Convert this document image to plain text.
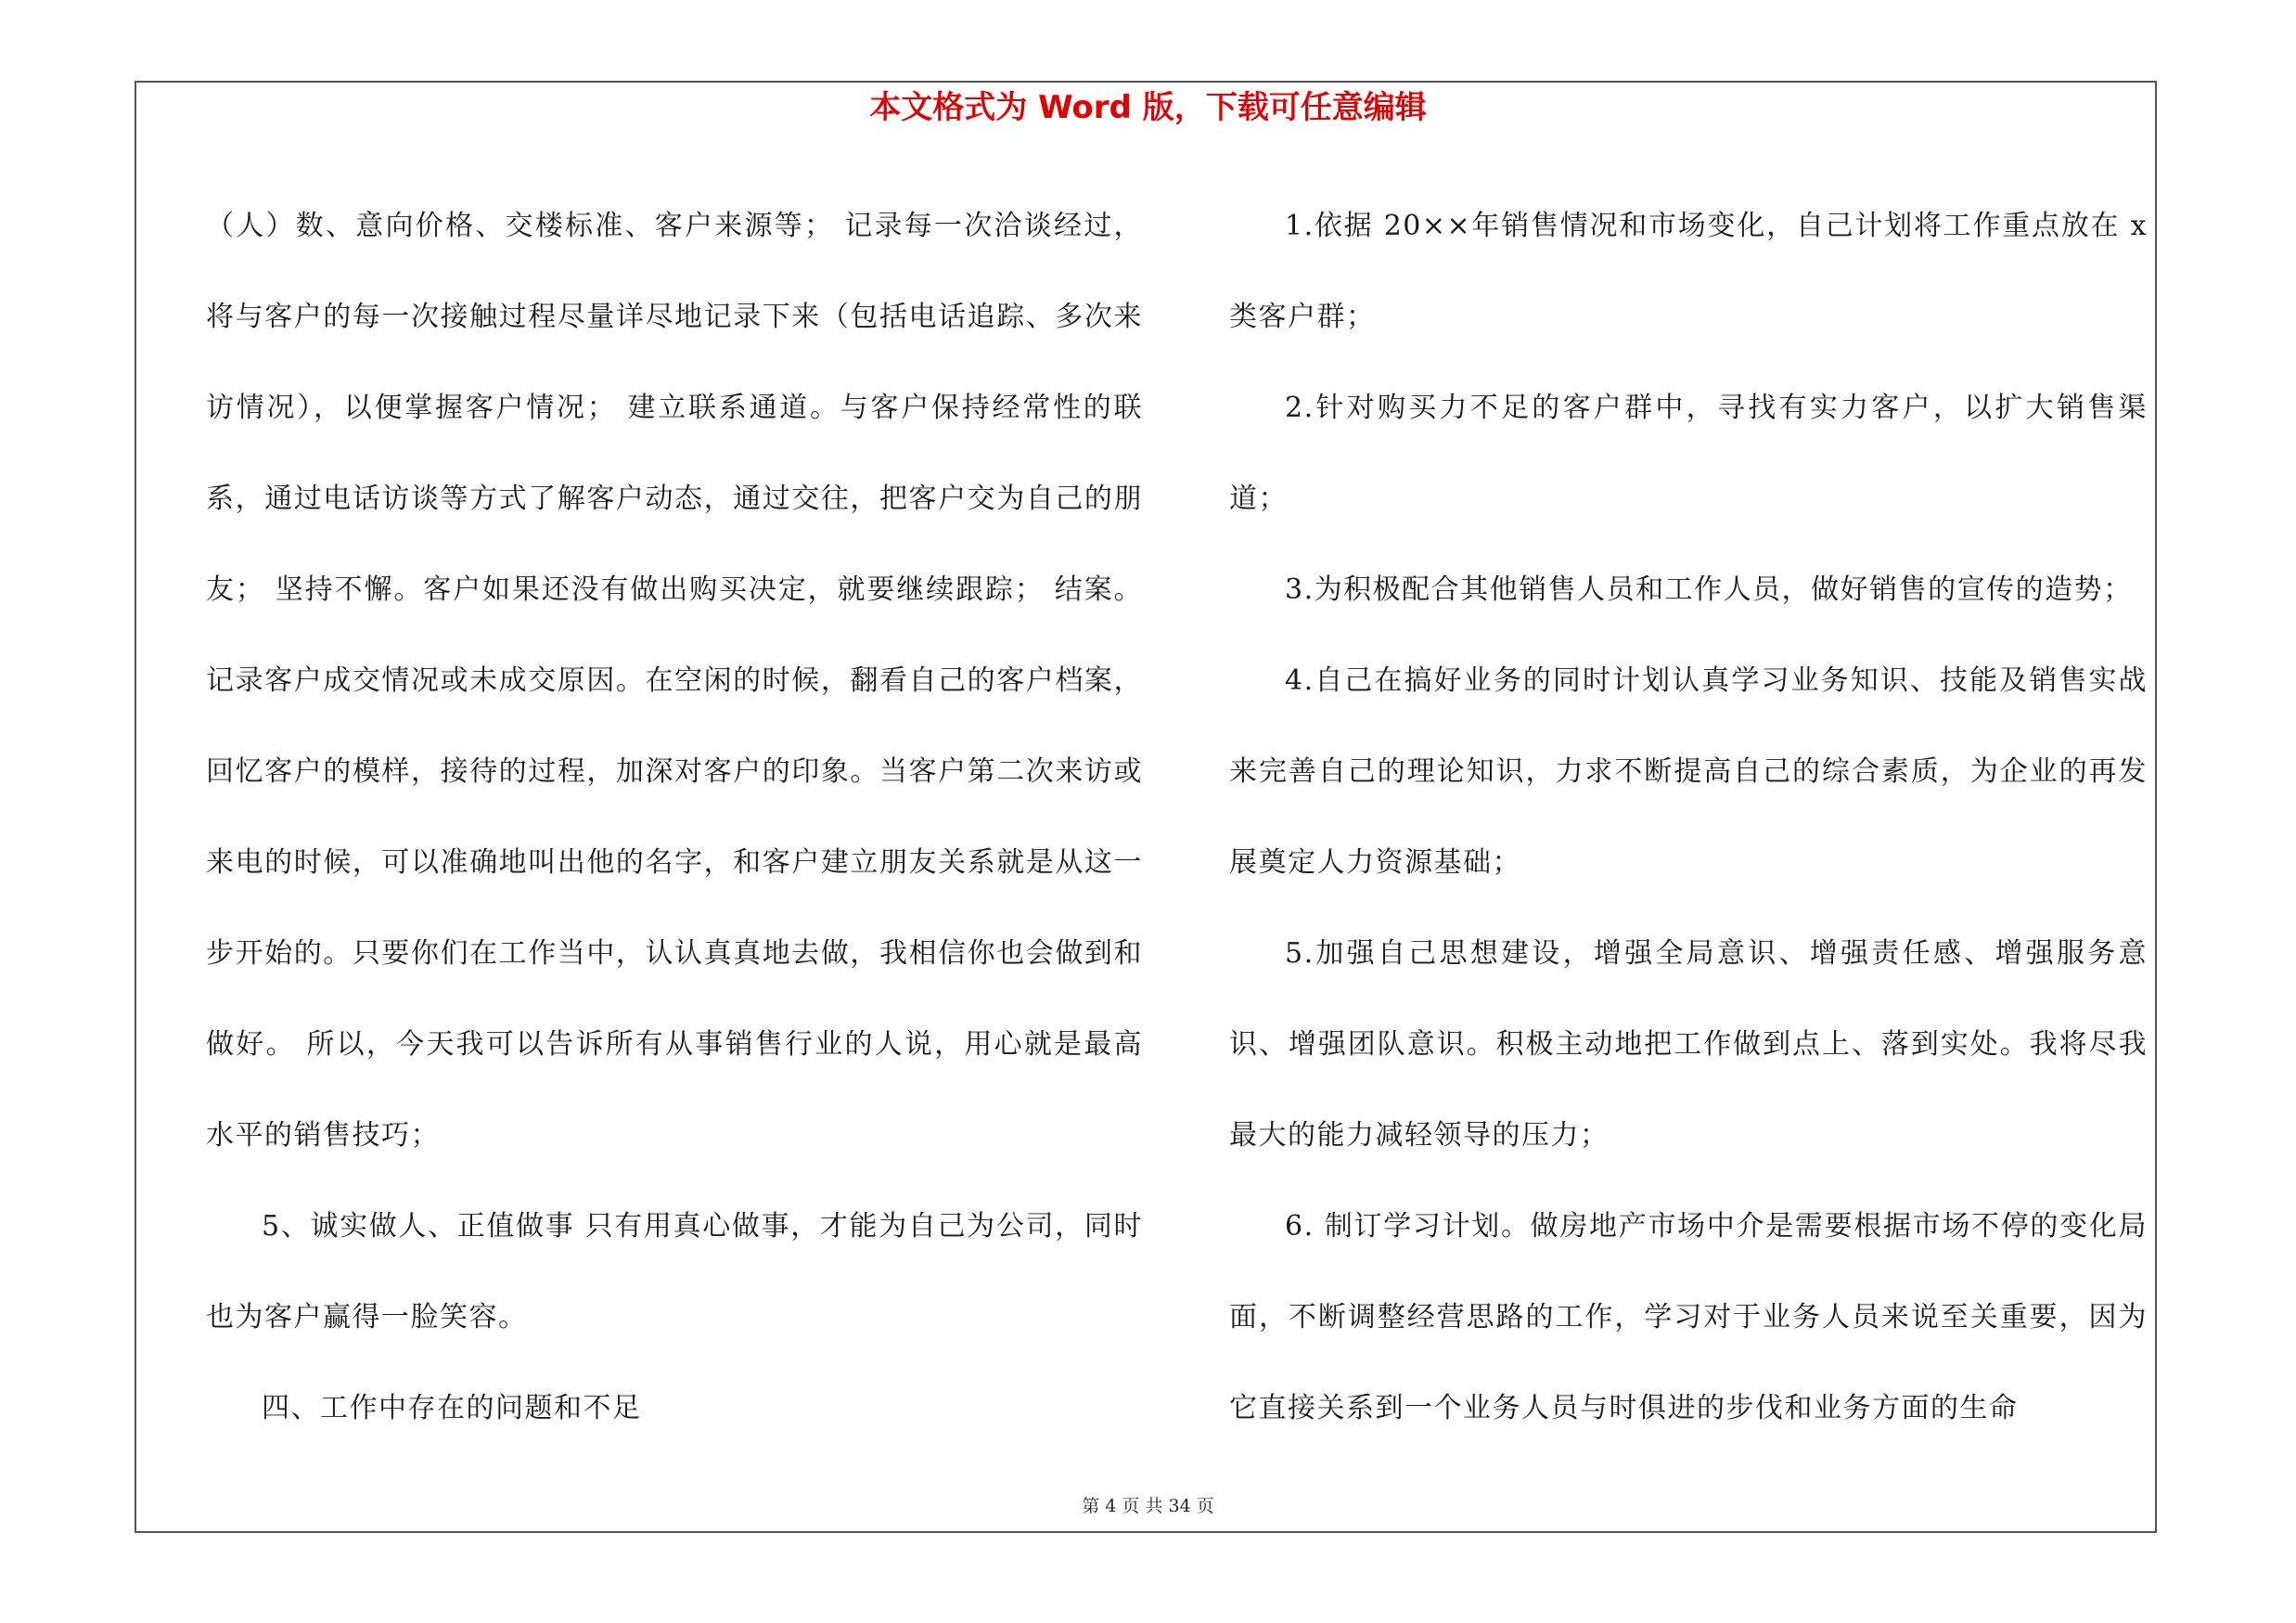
本文格式为 Word 版，下载可任意编辑

（人）数、意向价格、交楼标准、客户来源等； 记录每一次洽谈经过，将与客户的每一次接触过程尽量详尽地记录下来（包括电话追踪、多次来访情况），以便掌握客户情况； 建立联系通道。与客户保持经常性的联系，通过电话访谈等方式了解客户动态，通过交往，把客户交为自己的朋友； 坚持不懈。客户如果还没有做出购买决定，就要继续跟踪； 结案。记录客户成交情况或未成交原因。在空闲的时候，翻看自己的客户档案，回忆客户的模样，接待的过程，加深对客户的印象。当客户第二次来访或来电的时候，可以准确地叫出他的名字，和客户建立朋友关系就是从这一步开始的。只要你们在工作当中，认认真真地去做，我相信你也会做到和做好。 所以，今天我可以告诉所有从事销售行业的人说，用心就是最高水平的销售技巧；

5、诚实做人、正值做事 只有用真心做事，才能为自己为公司，同时也为客户赢得一脸笑容。

四、工作中存在的问题和不足

1.依据 20××年销售情况和市场变化，自己计划将工作重点放在 x 类客户群；

2.针对购买力不足的客户群中，寻找有实力客户，以扩大销售渠道；

3.为积极配合其他销售人员和工作人员，做好销售的宣传的造势；

4.自己在搞好业务的同时计划认真学习业务知识、技能及销售实战来完善自己的理论知识，力求不断提高自己的综合素质，为企业的再发展奠定人力资源基础；

5.加强自己思想建设，增强全局意识、增强责任感、增强服务意识、增强团队意识。积极主动地把工作做到点上、落到实处。我将尽我最大的能力减轻领导的压力；

6. 制订学习计划。做房地产市场中介是需要根据市场不停的变化局面，不断调整经营思路的工作，学习对于业务人员来说至关重要，因为它直接关系到一个业务人员与时俱进的步伐和业务方面的生命

第 4 页 共 34 页
